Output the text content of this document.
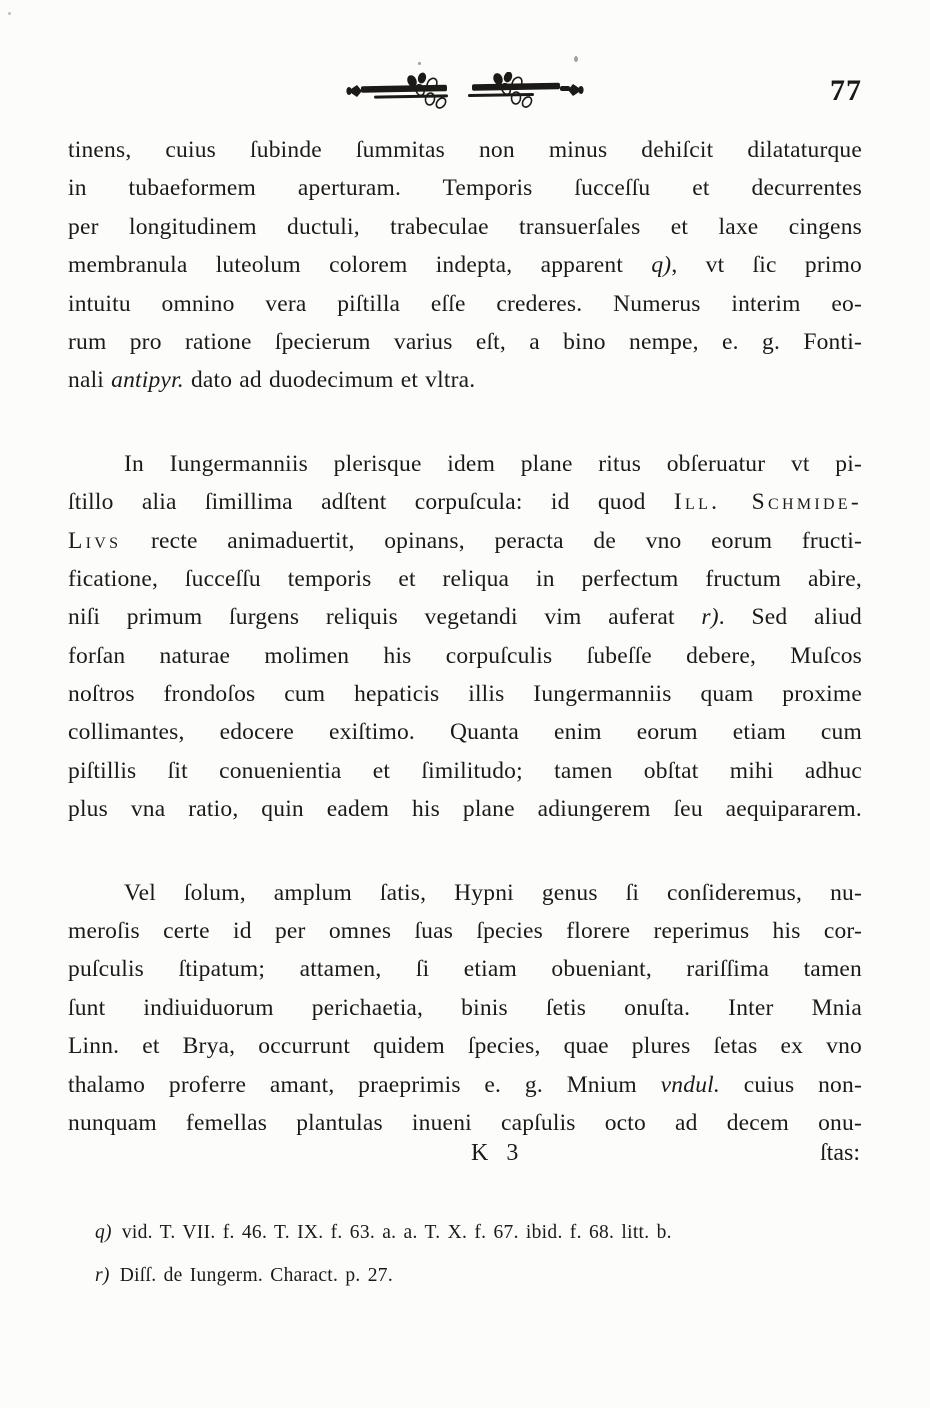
77
tinens, cuius ſubinde ſummitas non minus dehiſcit dilataturque
in tubaeformem aperturam. Temporis ſucceſſu et decurrentes
per longitudinem ductuli, trabeculae transuerſales et laxe cingens
membranula luteolum colorem indepta, apparent q), vt ſic primo
intuitu omnino vera piſtilla eſſe crederes. Numerus interim eo-
rum pro ratione ſpecierum varius eſt, a bino nempe, e. g. Fonti-
nali antipyr. dato ad duodecimum et vltra.
In Iungermanniis plerisque idem plane ritus obſeruatur vt pi-
ſtillo alia ſimillima adſtent corpuſcula: id quod Ill. Schmide-
Livs recte animaduertit, opinans, peracta de vno eorum fructi-
ficatione, ſucceſſu temporis et reliqua in perfectum fructum abire,
niſi primum ſurgens reliquis vegetandi vim auferat r). Sed aliud
forſan naturae molimen his corpuſculis ſubeſſe debere, Muſcos
noſtros frondoſos cum hepaticis illis Iungermanniis quam proxime
collimantes, edocere exiſtimo. Quanta enim eorum etiam cum
piſtillis ſit conuenientia et ſimilitudo; tamen obſtat mihi adhuc
plus vna ratio, quin eadem his plane adiungerem ſeu aequipararem.
Vel ſolum, amplum ſatis, Hypni genus ſi conſideremus, nu-
meroſis certe id per omnes ſuas ſpecies florere reperimus his cor-
puſculis ſtipatum; attamen, ſi etiam obueniant, rariſſima tamen
ſunt indiuiduorum perichaetia, binis ſetis onuſta. Inter Mnia
Linn. et Brya, occurrunt quidem ſpecies, quae plures ſetas ex vno
thalamo proferre amant, praeprimis e. g. Mnium vndul. cuius non-
nunquam femellas plantulas inueni capſulis octo ad decem onu-
K 3	ſtas:
q) vid. T. VII. f. 46. T. IX. f. 63. a. a. T. X. f. 67. ibid. f. 68. litt. b.
r) Diſſ. de Iungerm. Charact. p. 27.
